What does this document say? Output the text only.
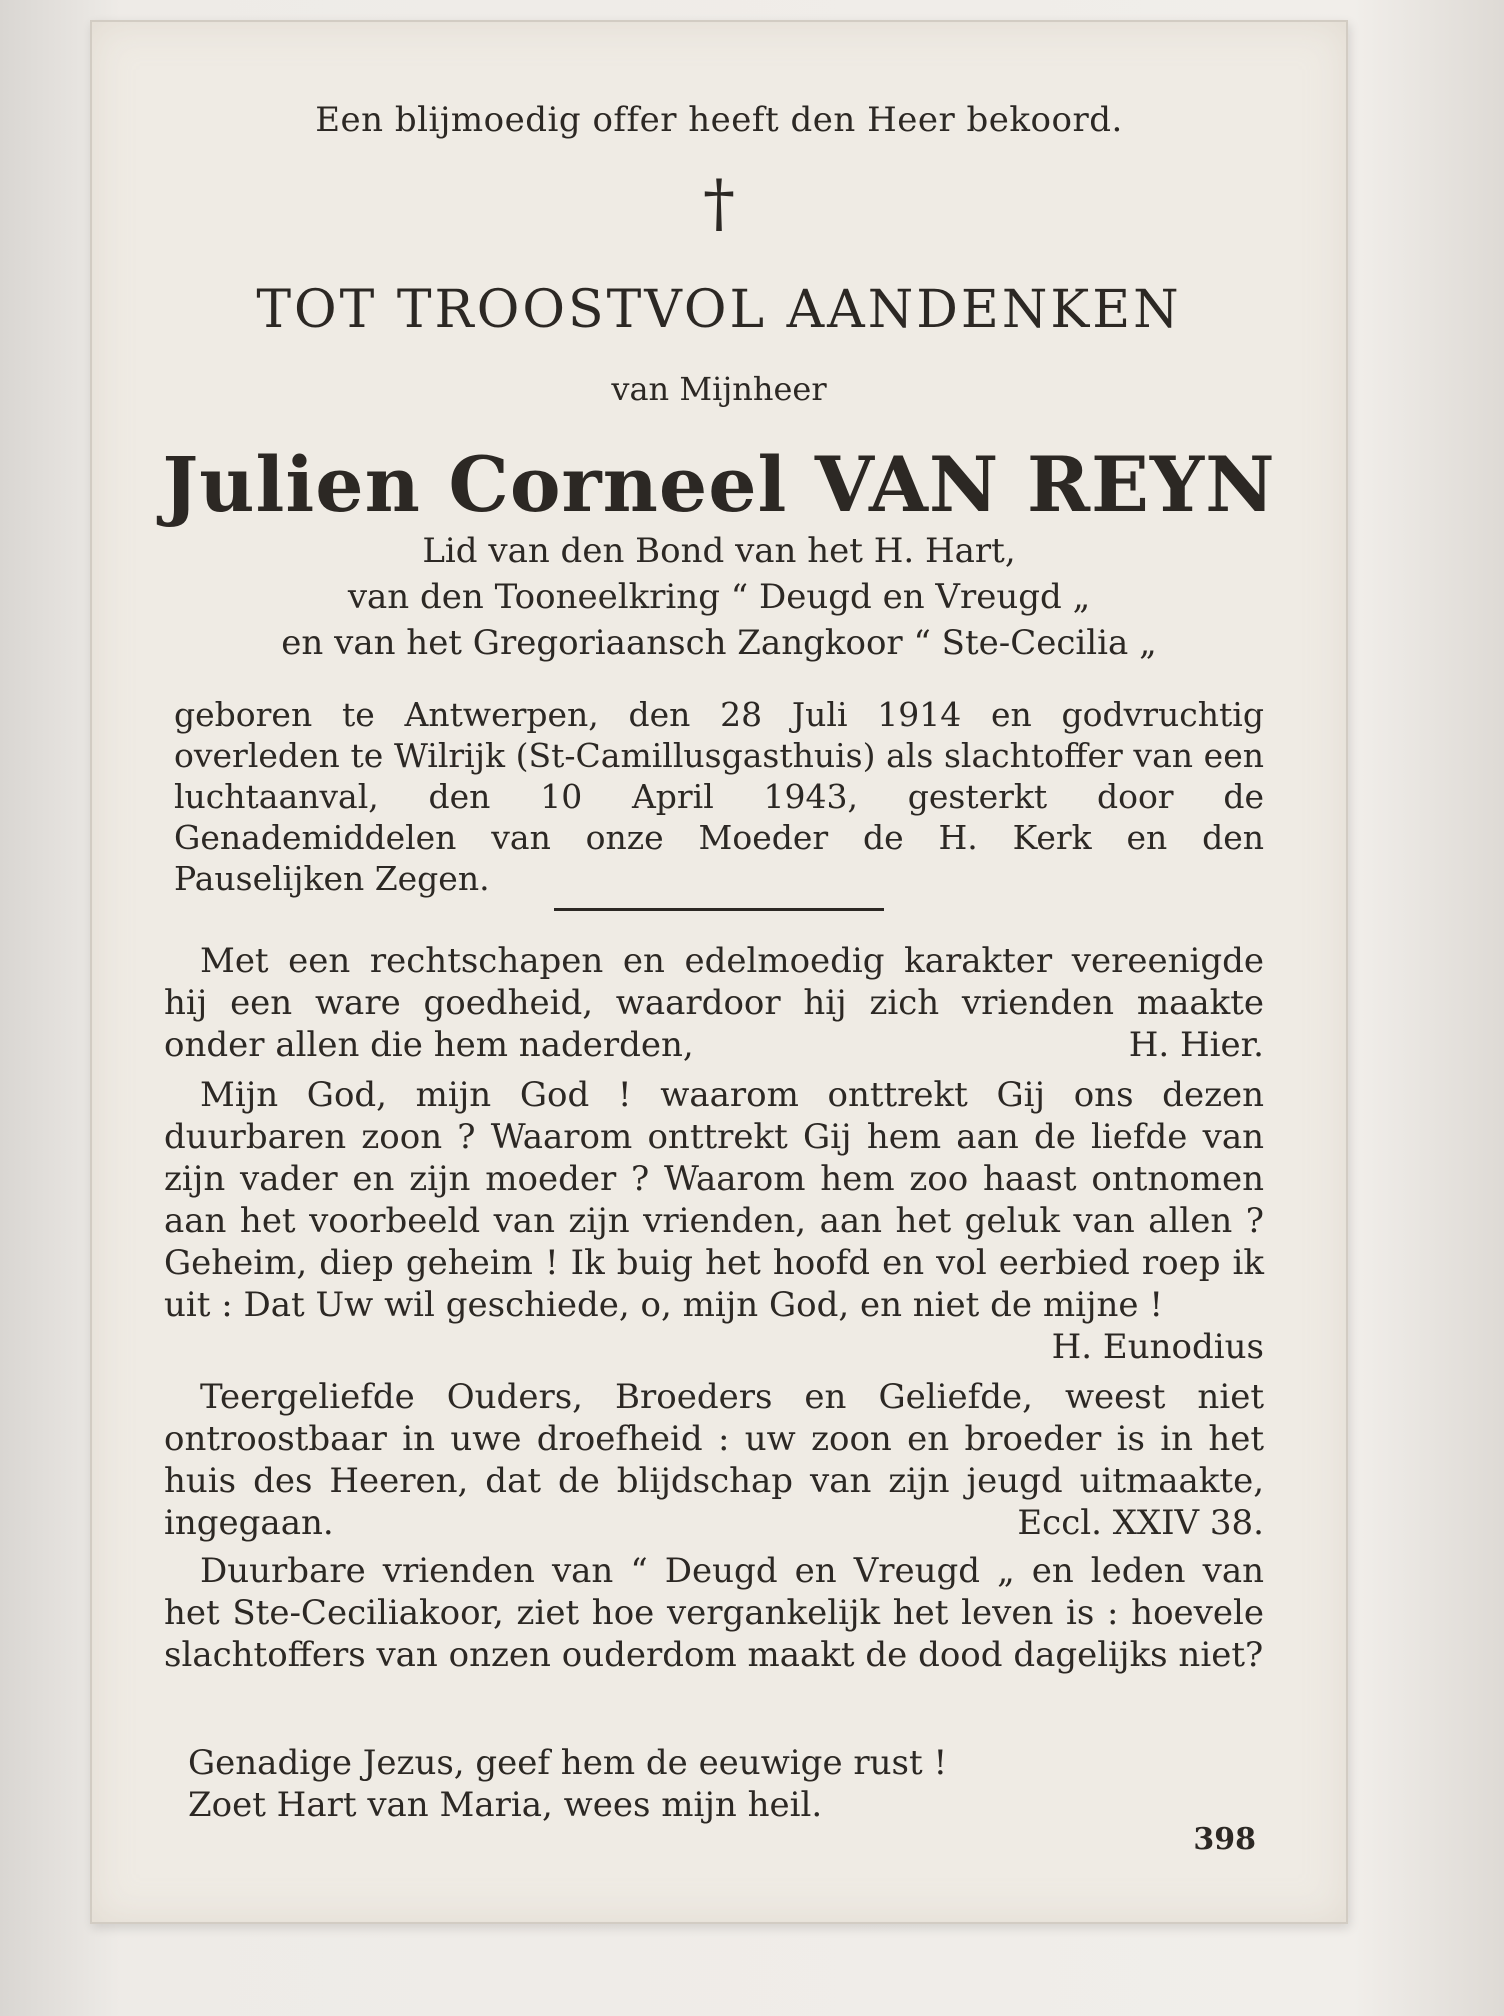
Een blijmoedig offer heeft den Heer bekoord.
†
TOT TROOSTVOL AANDENKEN
van Mijnheer
Julien Corneel VAN REYN
Lid van den Bond van het H. Hart,
van den Tooneelkring “ Deugd en Vreugd „
en van het Gregoriaansch Zangkoor “ Ste-Cecilia „

geboren te Antwerpen, den 28 Juli 1914 en godvruchtig overleden te Wilrijk (St-Camillusgasthuis) als slachtoffer van een luchtaanval, den 10 April 1943, gesterkt door de Genademiddelen van onze Moeder de H. Kerk en den Pauselijken Zegen.

Met een rechtschapen en edelmoedig karakter vereenigde hij een ware goedheid, waardoor hij zich vrienden maakte onder allen die hem naderden,	H. Hier.
Mijn God, mijn God ! waarom onttrekt Gij ons dezen duurbaren zoon ? Waarom onttrekt Gij hem aan de liefde van zijn vader en zijn moeder ? Waarom hem zoo haast ontnomen aan het voorbeeld van zijn vrienden, aan het geluk van allen ? Geheim, diep geheim ! Ik buig het hoofd en vol eerbied roep ik uit : Dat Uw wil geschiede, o, mijn God, en niet de mijne !
H. Eunodius
Teergeliefde Ouders, Broeders en Geliefde, weest niet ontroostbaar in uwe droefheid : uw zoon en broeder is in het huis des Heeren, dat de blijdschap van zijn jeugd uitmaakte, ingegaan.	Eccl. XXIV 38.
Duurbare vrienden van “ Deugd en Vreugd „ en leden van het Ste-Ceciliakoor, ziet hoe vergankelijk het leven is : hoevele slachtoffers van onzen ouderdom maakt de dood dagelijks niet?
Genadige Jezus, geef hem de eeuwige rust !
Zoet Hart van Maria, wees mijn heil.
398
